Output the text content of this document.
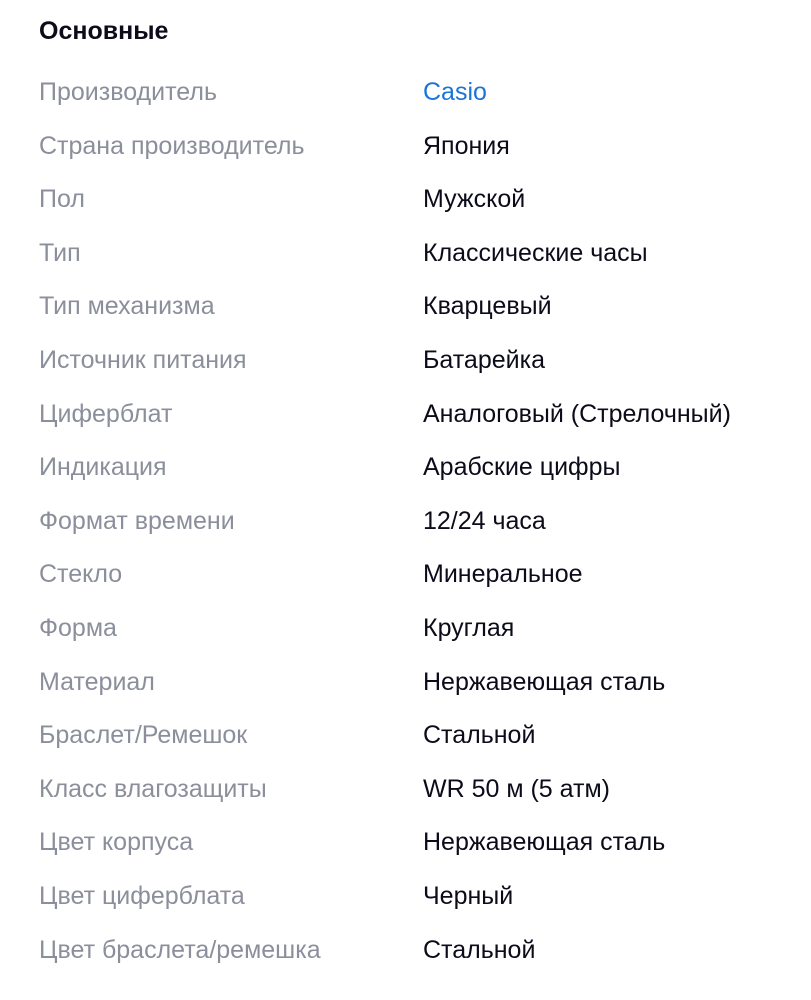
Основные
Производитель	Casio
Страна производитель	Япония
Пол	Мужской
Тип	Классические часы
Тип механизма	Кварцевый
Источник питания	Батарейка
Циферблат	Аналоговый (Стрелочный)
Индикация	Арабские цифры
Формат времени	12/24 часа
Стекло	Минеральное
Форма	Круглая
Материал	Нержавеющая сталь
Браслет/Ремешок	Стальной
Класс влагозащиты	WR 50 м (5 атм)
Цвет корпуса	Нержавеющая сталь
Цвет циферблата	Черный
Цвет браслета/ремешка	Стальной
